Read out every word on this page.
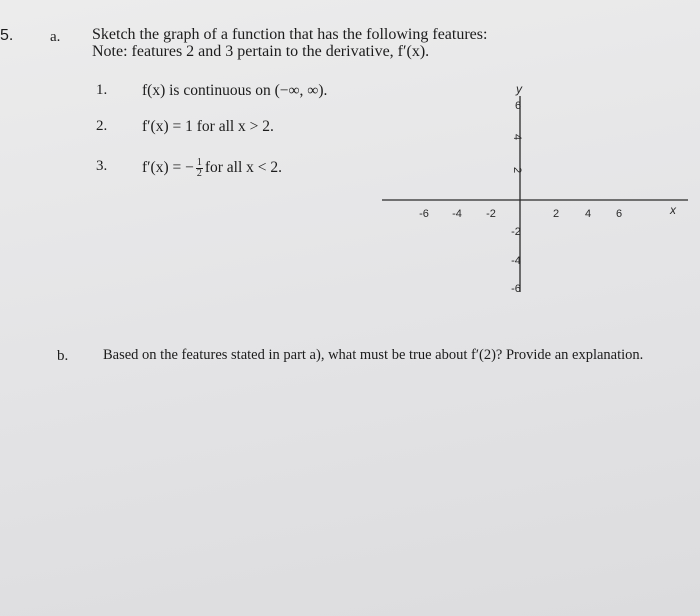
5. a. Sketch the graph of a function that has the following features:
Note: features 2 and 3 pertain to the derivative, f′(x).
1. f(x) is continuous on (−∞, ∞).
2. f′(x) = 1 for all x > 2.
3. f′(x) = − $\frac{1}{2}$ for all x < 2.
y
x
-6 -4 -2	2 4 6
6
4
2
-2
-4
-6
b. Based on the features stated in part a), what must be true about f′(2)? Provide an explanation.
